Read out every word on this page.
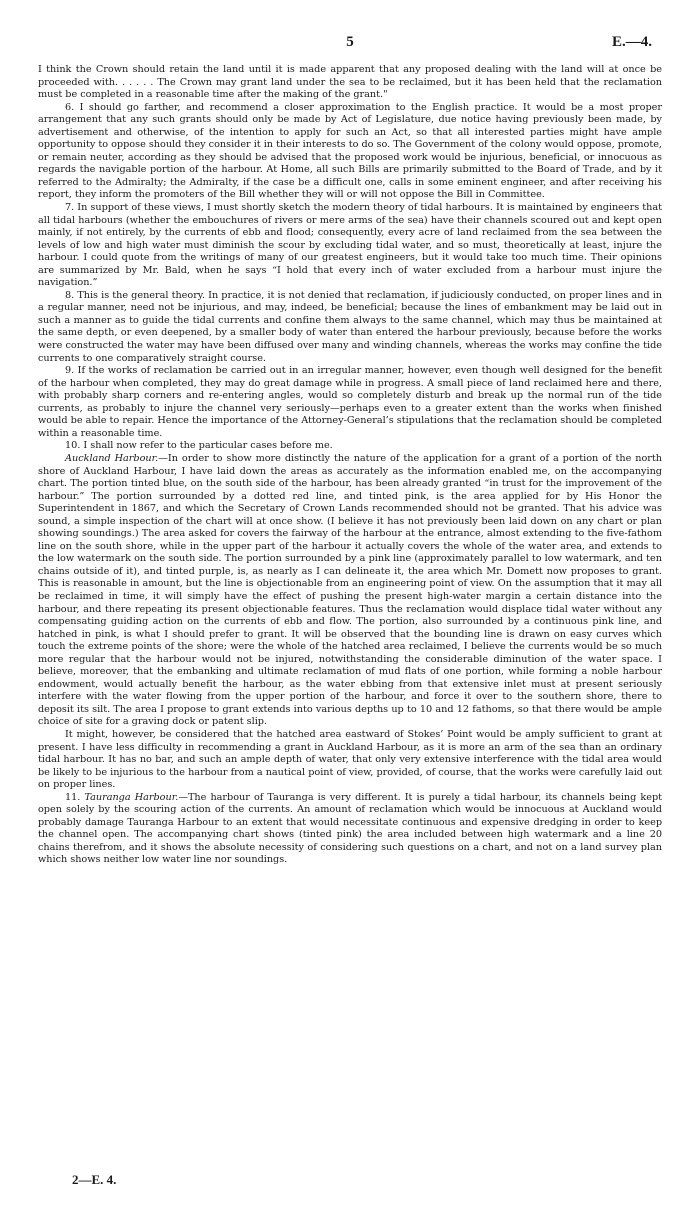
5	E.—4.

I think the Crown should retain the land until it is made apparent that any proposed dealing with the land will at once be proceeded with. . . . . . The Crown may grant land under the sea to be reclaimed, but it has been held that the reclamation must be completed in a reasonable time after the making of the grant."

6. I should go farther, and recommend a closer approximation to the English practice. It would be a most proper arrangement that any such grants should only be made by Act of Legislature, due notice having previously been made, by advertisement and otherwise, of the intention to apply for such an Act, so that all interested parties might have ample opportunity to oppose should they consider it in their interests to do so. The Government of the colony would oppose, promote, or remain neuter, according as they should be advised that the proposed work would be injurious, beneficial, or innocuous as regards the navigable portion of the harbour. At Home, all such Bills are primarily submitted to the Board of Trade, and by it referred to the Admiralty; the Admiralty, if the case be a difficult one, calls in some eminent engineer, and after receiving his report, they inform the promoters of the Bill whether they will or will not oppose the Bill in Committee.

7. In support of these views, I must shortly sketch the modern theory of tidal harbours. It is maintained by engineers that all tidal harbours (whether the embouchures of rivers or mere arms of the sea) have their channels scoured out and kept open mainly, if not entirely, by the currents of ebb and flood; consequently, every acre of land reclaimed from the sea between the levels of low and high water must diminish the scour by excluding tidal water, and so must, theoretically at least, injure the harbour. I could quote from the writings of many of our greatest engineers, but it would take too much time. Their opinions are summarized by Mr. Bald, when he says “I hold that every inch of water excluded from a harbour must injure the navigation.”

8. This is the general theory. In practice, it is not denied that reclamation, if judiciously conducted, on proper lines and in a regular manner, need not be injurious, and may, indeed, be beneficial; because the lines of embankment may be laid out in such a manner as to guide the tidal currents and confine them always to the same channel, which may thus be maintained at the same depth, or even deepened, by a smaller body of water than entered the harbour previously, because before the works were constructed the water may have been diffused over many and winding channels, whereas the works may confine the tide currents to one comparatively straight course.

9. If the works of reclamation be carried out in an irregular manner, however, even though well designed for the benefit of the harbour when completed, they may do great damage while in progress. A small piece of land reclaimed here and there, with probably sharp corners and re-entering angles, would so completely disturb and break up the normal run of the tide currents, as probably to injure the channel very seriously—perhaps even to a greater extent than the works when finished would be able to repair. Hence the importance of the Attorney-General’s stipulations that the reclamation should be completed within a reasonable time.

10. I shall now refer to the particular cases before me.

Auckland Harbour.—In order to show more distinctly the nature of the application for a grant of a portion of the north shore of Auckland Harbour, I have laid down the areas as accurately as the information enabled me, on the accompanying chart. The portion tinted blue, on the south side of the harbour, has been already granted “in trust for the improvement of the harbour.” The portion surrounded by a dotted red line, and tinted pink, is the area applied for by His Honor the Superintendent in 1867, and which the Secretary of Crown Lands recommended should not be granted. That his advice was sound, a simple inspection of the chart will at once show. (I believe it has not previously been laid down on any chart or plan showing soundings.) The area asked for covers the fairway of the harbour at the entrance, almost extending to the five-fathom line on the south shore, while in the upper part of the harbour it actually covers the whole of the water area, and extends to the low watermark on the south side. The portion surrounded by a pink line (approximately parallel to low watermark, and ten chains outside of it), and tinted purple, is, as nearly as I can delineate it, the area which Mr. Domett now proposes to grant. This is reasonable in amount, but the line is objectionable from an engineering point of view. On the assumption that it may all be reclaimed in time, it will simply have the effect of pushing the present high-water margin a certain distance into the harbour, and there repeating its present objectionable features. Thus the reclamation would displace tidal water without any compensating guiding action on the currents of ebb and flow. The portion, also surrounded by a continuous pink line, and hatched in pink, is what I should prefer to grant. It will be observed that the bounding line is drawn on easy curves which touch the extreme points of the shore; were the whole of the hatched area reclaimed, I believe the currents would be so much more regular that the harbour would not be injured, notwithstanding the considerable diminution of the water space. I believe, moreover, that the embanking and ultimate reclamation of mud flats of one portion, while forming a noble harbour endowment, would actually benefit the harbour, as the water ebbing from that extensive inlet must at present seriously interfere with the water flowing from the upper portion of the harbour, and force it over to the southern shore, there to deposit its silt. The area I propose to grant extends into various depths up to 10 and 12 fathoms, so that there would be ample choice of site for a graving dock or patent slip.

It might, however, be considered that the hatched area eastward of Stokes’ Point would be amply sufficient to grant at present. I have less difficulty in recommending a grant in Auckland Harbour, as it is more an arm of the sea than an ordinary tidal harbour. It has no bar, and such an ample depth of water, that only very extensive interference with the tidal area would be likely to be injurious to the harbour from a nautical point of view, provided, of course, that the works were carefully laid out on proper lines.

11. Tauranga Harbour.—The harbour of Tauranga is very different. It is purely a tidal harbour, its channels being kept open solely by the scouring action of the currents. An amount of reclamation which would be innocuous at Auckland would probably damage Tauranga Harbour to an extent that would necessitate continuous and expensive dredging in order to keep the channel open. The accompanying chart shows (tinted pink) the area included between high watermark and a line 20 chains therefrom, and it shows the absolute necessity of considering such questions on a chart, and not on a land survey plan which shows neither low water line nor soundings.

2—E. 4.
